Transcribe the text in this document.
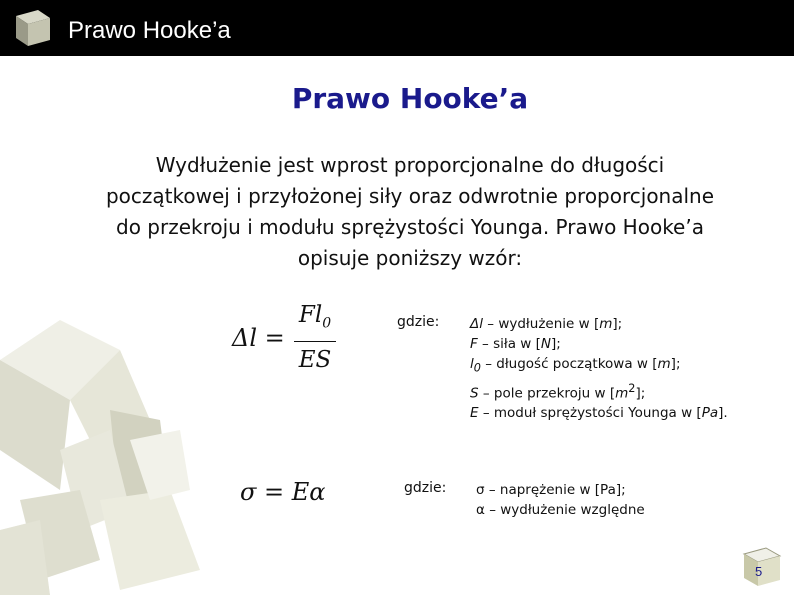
Prawo Hooke’a
Prawo Hooke’a
Wydłużenie jest wprost proporcjonalne do długości
początkowej i przyłożonej siły oraz odwrotnie proporcjonalne
do przekroju i modułu sprężystości Younga. Prawo Hooke’a
opisuje poniższy wzór:
Δl =
$Fl_0$
ES
gdzie: Δl – wydłużenie w [m];
F – siła w [N];
$l_0$ – długość początkowa w [m];
S – pole przekroju w $[m^2]$;
E – moduł sprężystości Younga w [Pa].
σ = Eα	gdzie: σ – naprężenie w [Pa];
α – wydłużenie względne
5
